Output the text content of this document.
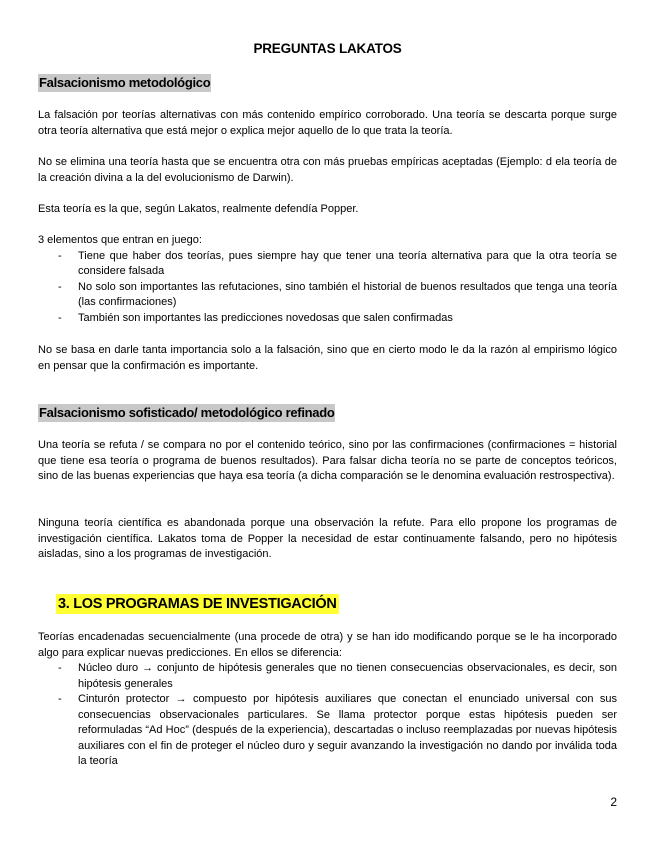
PREGUNTAS LAKATOS
Falsacionismo metodológico

La falsación por teorías alternativas con más contenido empírico corroborado. Una teoría se descarta porque surge otra teoría alternativa que está mejor o explica mejor aquello de lo que trata la teoría.

No se elimina una teoría hasta que se encuentra otra con más pruebas empíricas aceptadas (Ejemplo: d ela teoría de la creación divina a la del evolucionismo de Darwin).

Esta teoría es la que, según Lakatos, realmente defendía Popper.

3 elementos que entran en juego:

- Tiene que haber dos teorías, pues siempre hay que tener una teoría alternativa para que la otra teoría se considere falsada
- No solo son importantes las refutaciones, sino también el historial de buenos resultados que tenga una teoría (las confirmaciones)
- También son importantes las predicciones novedosas que salen confirmadas

No se basa en darle tanta importancia solo a la falsación, sino que en cierto modo le da la razón al empirismo lógico en pensar que la confirmación es importante.

Falsacionismo sofisticado/ metodológico refinado

Una teoría se refuta / se compara no por el contenido teórico, sino por las confirmaciones (confirmaciones = historial que tiene esa teoría o programa de buenos resultados). Para falsar dicha teoría no se parte de conceptos teóricos, sino de las buenas experiencias que haya esa teoría (a dicha comparación se le denomina evaluación restrospectiva).

Ninguna teoría científica es abandonada porque una observación la refute. Para ello propone los programas de investigación científica. Lakatos toma de Popper la necesidad de estar continuamente falsando, pero no hipótesis aisladas, sino a los programas de investigación.

3. LOS PROGRAMAS DE INVESTIGACIÓN

Teorías encadenadas secuencialmente (una procede de otra) y se han ido modificando porque se le ha incorporado algo para explicar nuevas predicciones. En ellos se diferencia:

- Núcleo duro → conjunto de hipótesis generales que no tienen consecuencias observacionales, es decir, son hipótesis generales
- Cinturón protector → compuesto por hipótesis auxiliares que conectan el enunciado universal con sus consecuencias observacionales particulares. Se llama protector porque estas hipótesis pueden ser reformuladas “Ad Hoc” (después de la experiencia), descartadas o incluso reemplazadas por nuevas hipótesis auxiliares con el fin de proteger el núcleo duro y seguir avanzando la investigación no dando por inválida toda la teoría
2
